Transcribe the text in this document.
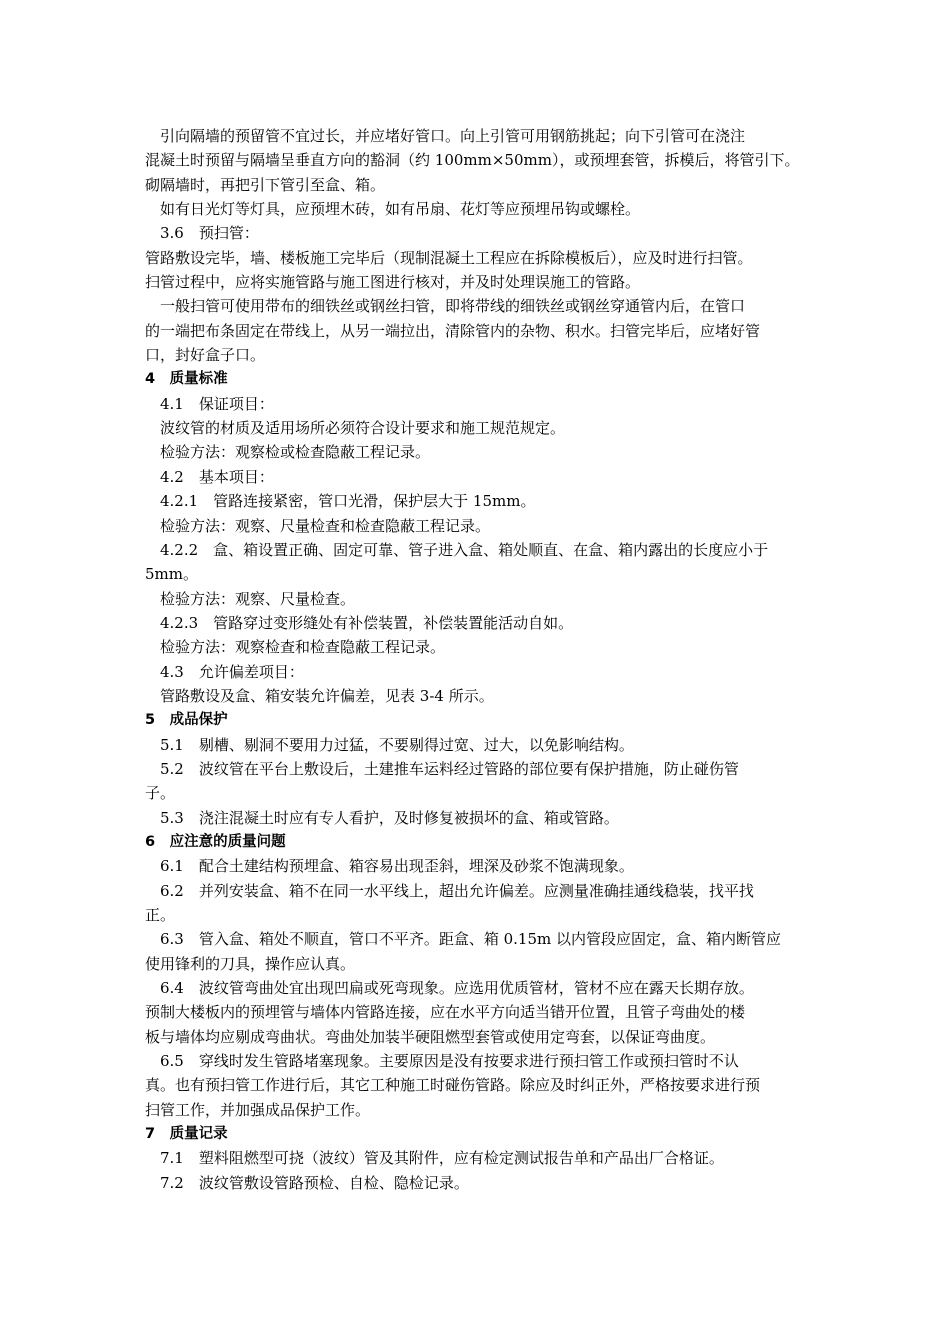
引向隔墙的预留管不宜过长，并应堵好管口。向上引管可用钢筋挑起；向下引管可在浇注
混凝土时预留与隔墙呈垂直方向的豁洞（约 100mm×50mm），或预埋套管，拆模后，将管引下。
砌隔墙时，再把引下管引至盒、箱。
如有日光灯等灯具，应预埋木砖，如有吊扇、花灯等应预埋吊钩或螺栓。
3.6　预扫管：
管路敷设完毕，墙、楼板施工完毕后（现制混凝土工程应在拆除模板后），应及时进行扫管。
扫管过程中，应将实施管路与施工图进行核对，并及时处理误施工的管路。
一般扫管可使用带布的细铁丝或钢丝扫管，即将带线的细铁丝或钢丝穿通管内后，在管口
的一端把布条固定在带线上，从另一端拉出，清除管内的杂物、积水。扫管完毕后，应堵好管
口，封好盒子口。
4　质量标准
4.1　保证项目：
波纹管的材质及适用场所必须符合设计要求和施工规范规定。
检验方法：观察检或检查隐蔽工程记录。
4.2　基本项目：
4.2.1　管路连接紧密，管口光滑，保护层大于 15mm。
检验方法：观察、尺量检查和检查隐蔽工程记录。
4.2.2　盒、箱设置正确、固定可靠、管子进入盒、箱处顺直、在盒、箱内露出的长度应小于
5mm。
检验方法：观察、尺量检查。
4.2.3　管路穿过变形缝处有补偿装置，补偿装置能活动自如。
检验方法：观察检查和检查隐蔽工程记录。
4.3　允许偏差项目：
管路敷设及盒、箱安装允许偏差，见表 3-4 所示。
5　成品保护
5.1　剔槽、剔洞不要用力过猛，不要剔得过宽、过大，以免影响结构。
5.2　波纹管在平台上敷设后，土建推车运料经过管路的部位要有保护措施，防止碰伤管
子。
5.3　浇注混凝土时应有专人看护，及时修复被损坏的盒、箱或管路。
6　应注意的质量问题
6.1　配合土建结构预埋盒、箱容易出现歪斜，埋深及砂浆不饱满现象。
6.2　并列安装盒、箱不在同一水平线上，超出允许偏差。应测量准确挂通线稳装，找平找
正。
6.3　管入盒、箱处不顺直，管口不平齐。距盒、箱 0.15m 以内管段应固定，盒、箱内断管应
使用锋利的刀具，操作应认真。
6.4　波纹管弯曲处宜出现凹扁或死弯现象。应选用优质管材，管材不应在露天长期存放。
预制大楼板内的预埋管与墙体内管路连接，应在水平方向适当错开位置，且管子弯曲处的楼
板与墙体均应剔成弯曲状。弯曲处加装半硬阻燃型套管或使用定弯套，以保证弯曲度。
6.5　穿线时发生管路堵塞现象。主要原因是没有按要求进行预扫管工作或预扫管时不认
真。也有预扫管工作进行后，其它工种施工时碰伤管路。除应及时纠正外，严格按要求进行预
扫管工作，并加强成品保护工作。
7　质量记录
7.1　塑料阻燃型可挠（波纹）管及其附件，应有检定测试报告单和产品出厂合格证。
7.2　波纹管敷设管路预检、自检、隐检记录。
